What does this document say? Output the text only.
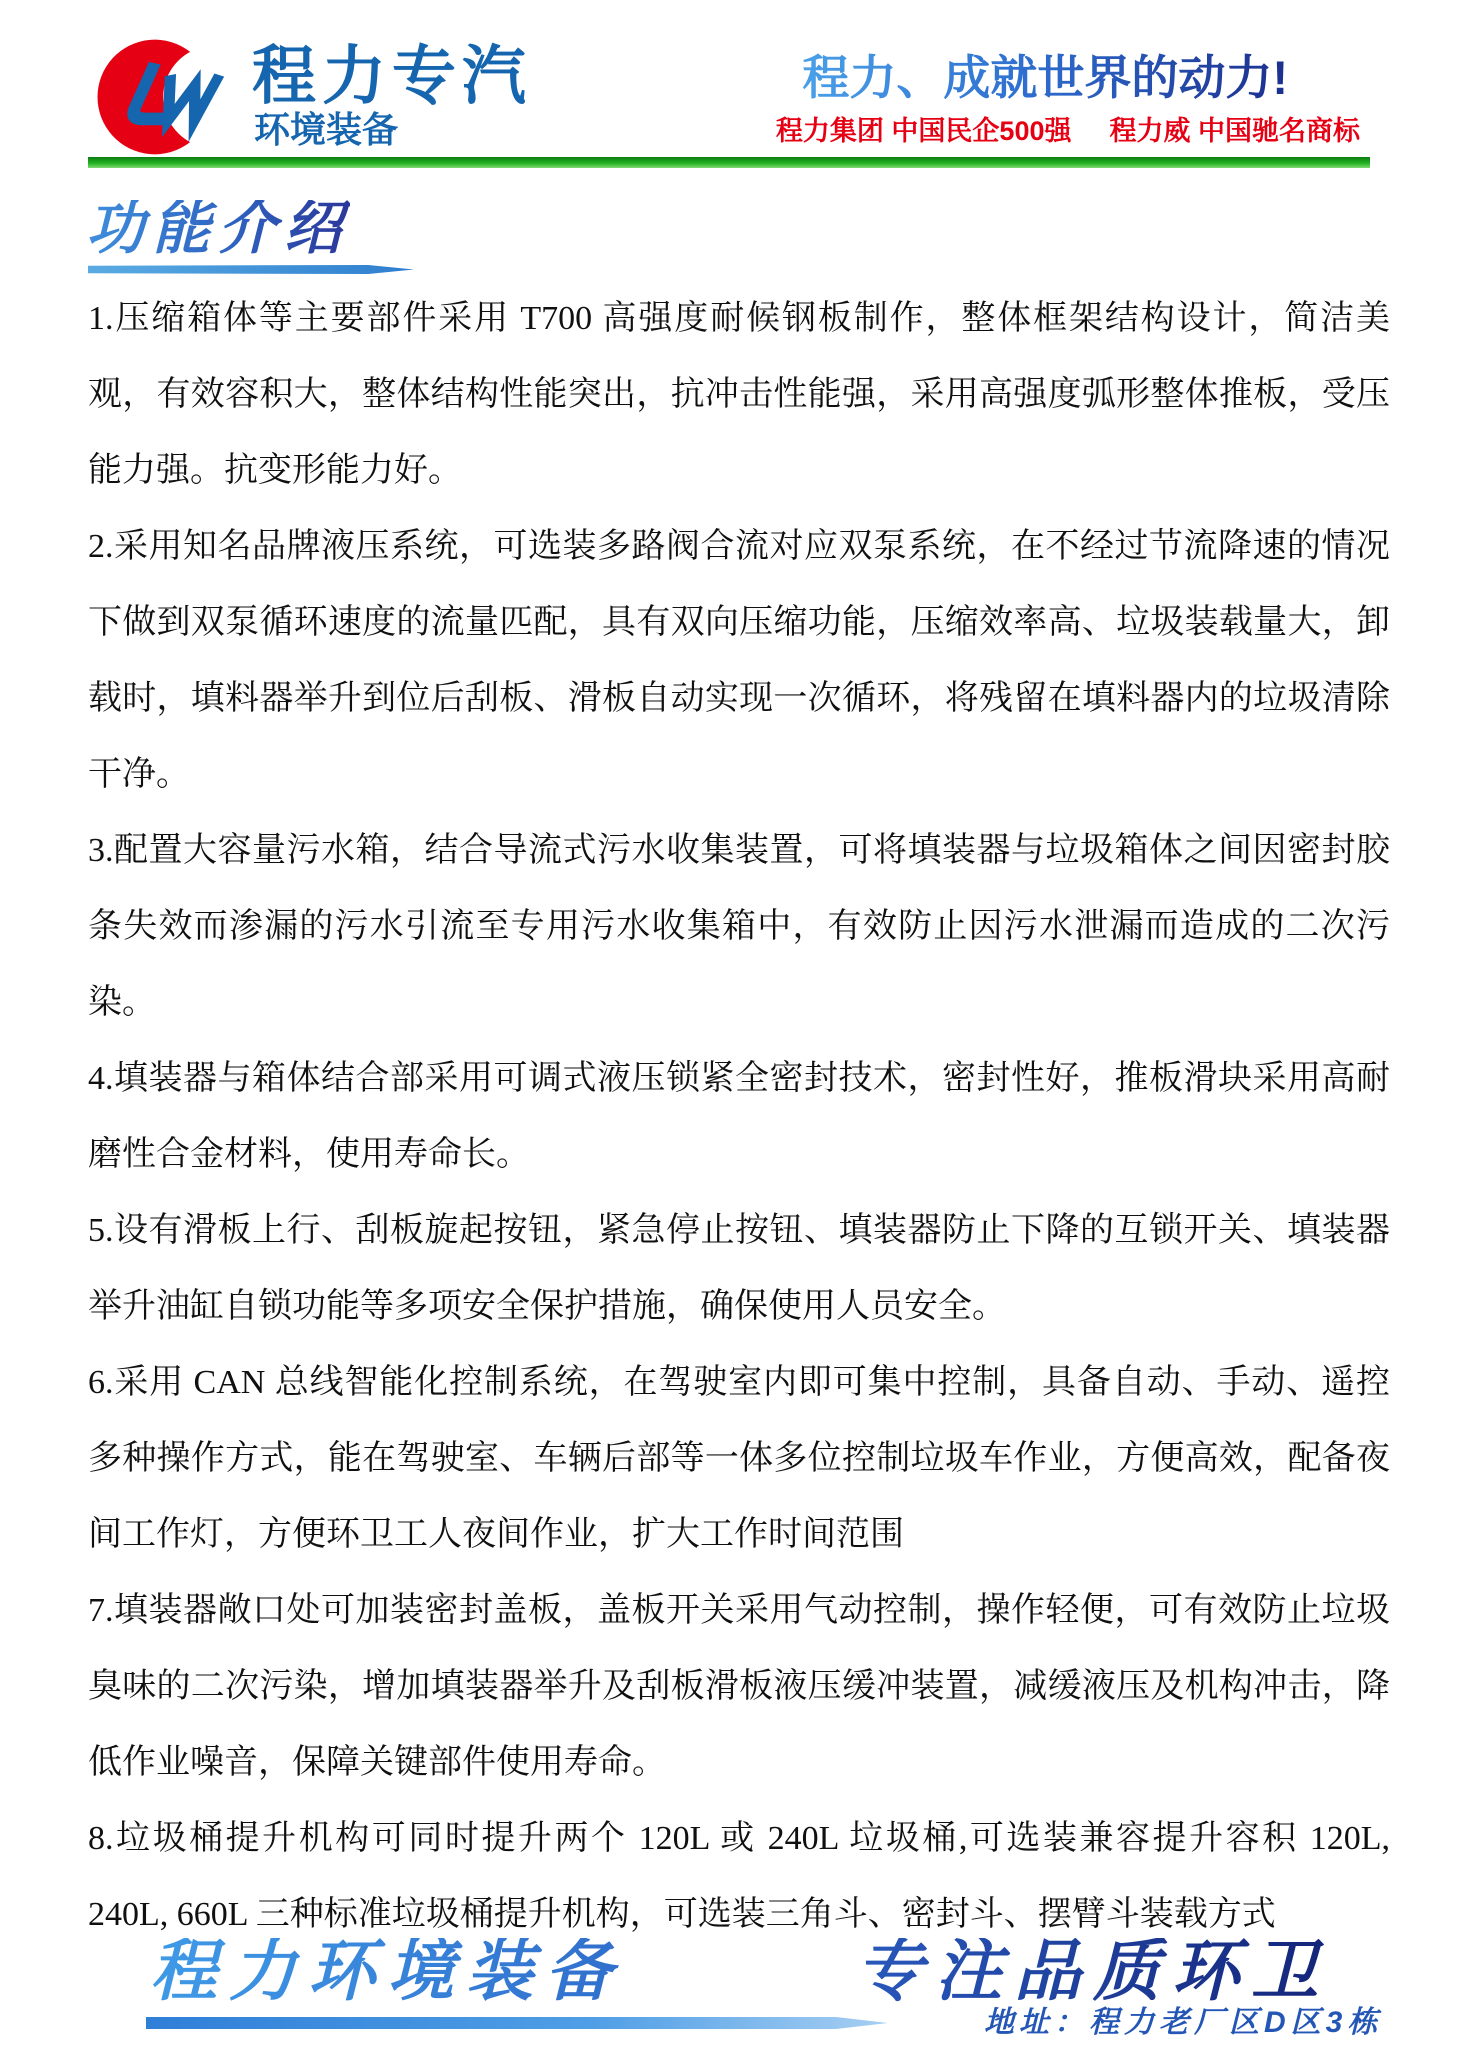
程力专汽
环境装备
程力、成就世界的动力!
程力集团 中国民企500强 程力威 中国驰名商标
功能介绍

1.压缩箱体等主要部件采用 T700 高强度耐候钢板制作，整体框架结构设计，简洁美观，有效容积大，整体结构性能突出，抗冲击性能强，采用高强度弧形整体推板，受压能力强。抗变形能力好。

2.采用知名品牌液压系统，可选装多路阀合流对应双泵系统，在不经过节流降速的情况下做到双泵循环速度的流量匹配，具有双向压缩功能，压缩效率高、垃圾装载量大，卸载时，填料器举升到位后刮板、滑板自动实现一次循环，将残留在填料器内的垃圾清除干净。

3.配置大容量污水箱，结合导流式污水收集装置，可将填装器与垃圾箱体之间因密封胶条失效而渗漏的污水引流至专用污水收集箱中，有效防止因污水泄漏而造成的二次污染。

4.填装器与箱体结合部采用可调式液压锁紧全密封技术，密封性好，推板滑块采用高耐磨性合金材料，使用寿命长。

5.设有滑板上行、刮板旋起按钮，紧急停止按钮、填装器防止下降的互锁开关、填装器举升油缸自锁功能等多项安全保护措施，确保使用人员安全。

6.采用 CAN 总线智能化控制系统，在驾驶室内即可集中控制，具备自动、手动、遥控多种操作方式，能在驾驶室、车辆后部等一体多位控制垃圾车作业，方便高效，配备夜间工作灯，方便环卫工人夜间作业，扩大工作时间范围

7.填装器敞口处可加装密封盖板，盖板开关采用气动控制，操作轻便，可有效防止垃圾臭味的二次污染，增加填装器举升及刮板滑板液压缓冲装置，减缓液压及机构冲击，降低作业噪音，保障关键部件使用寿命。

8.垃圾桶提升机构可同时提升两个 120L 或 240L 垃圾桶,可选装兼容提升容积 120L, 240L, 660L 三种标准垃圾桶提升机构，可选装三角斗、密封斗、摆臂斗装载方式

程力环境装备	专注品质环卫
地址：程力老厂区D区3栋
